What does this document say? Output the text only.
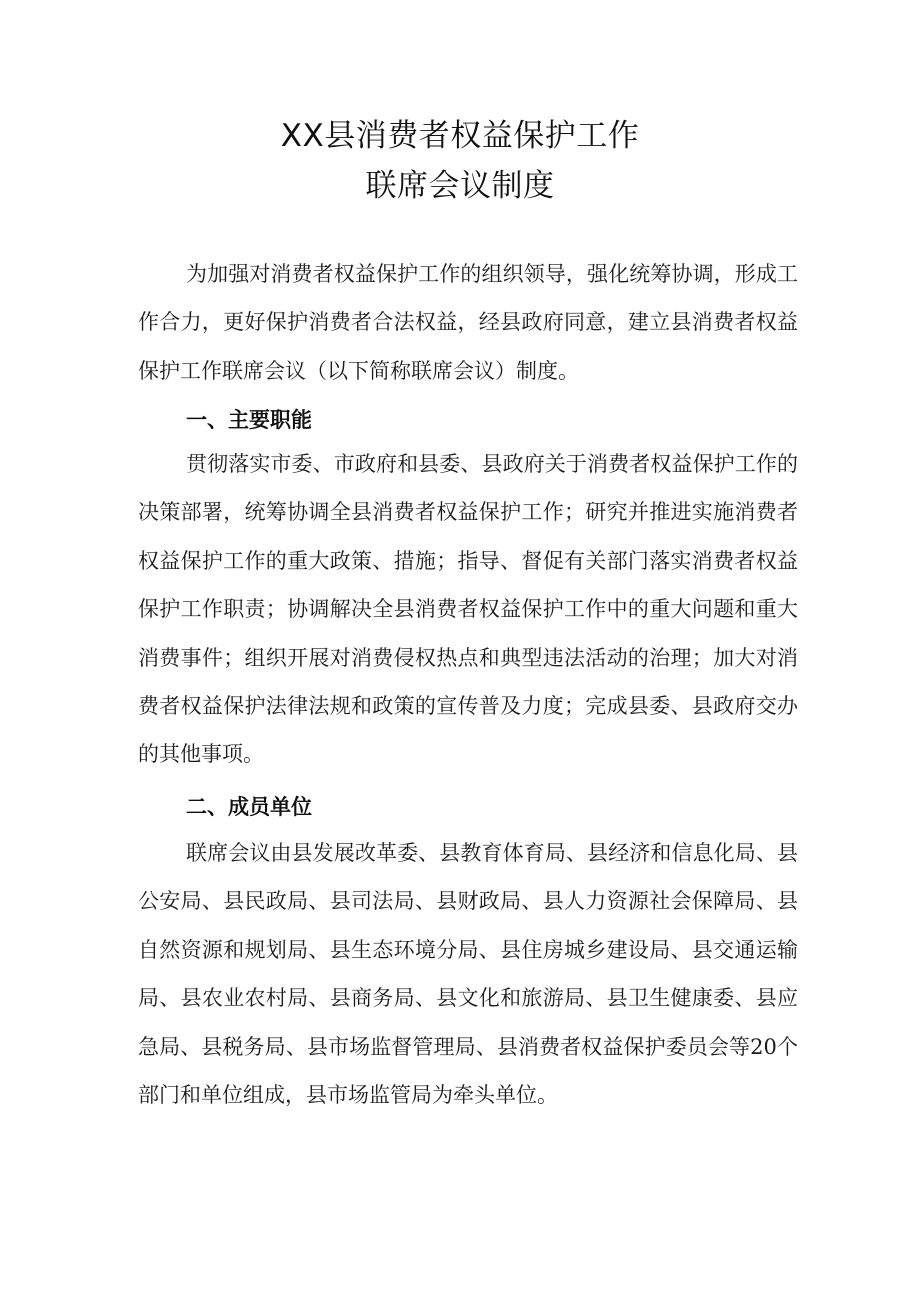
XX县消费者权益保护工作
联席会议制度

为加强对消费者权益保护工作的组织领导，强化统筹协调，形成工作合力，更好保护消费者合法权益，经县政府同意，建立县消费者权益保护工作联席会议（以下简称联席会议）制度。

一、主要职能

贯彻落实市委、市政府和县委、县政府关于消费者权益保护工作的决策部署，统筹协调全县消费者权益保护工作；研究并推进实施消费者权益保护工作的重大政策、措施；指导、督促有关部门落实消费者权益保护工作职责；协调解决全县消费者权益保护工作中的重大问题和重大消费事件；组织开展对消费侵权热点和典型违法活动的治理；加大对消费者权益保护法律法规和政策的宣传普及力度；完成县委、县政府交办的其他事项。

二、成员单位

联席会议由县发展改革委、县教育体育局、县经济和信息化局、县公安局、县民政局、县司法局、县财政局、县人力资源社会保障局、县自然资源和规划局、县生态环境分局、县住房城乡建设局、县交通运输局、县农业农村局、县商务局、县文化和旅游局、县卫生健康委、县应急局、县税务局、县市场监督管理局、县消费者权益保护委员会等20个部门和单位组成，县市场监管局为牵头单位。
